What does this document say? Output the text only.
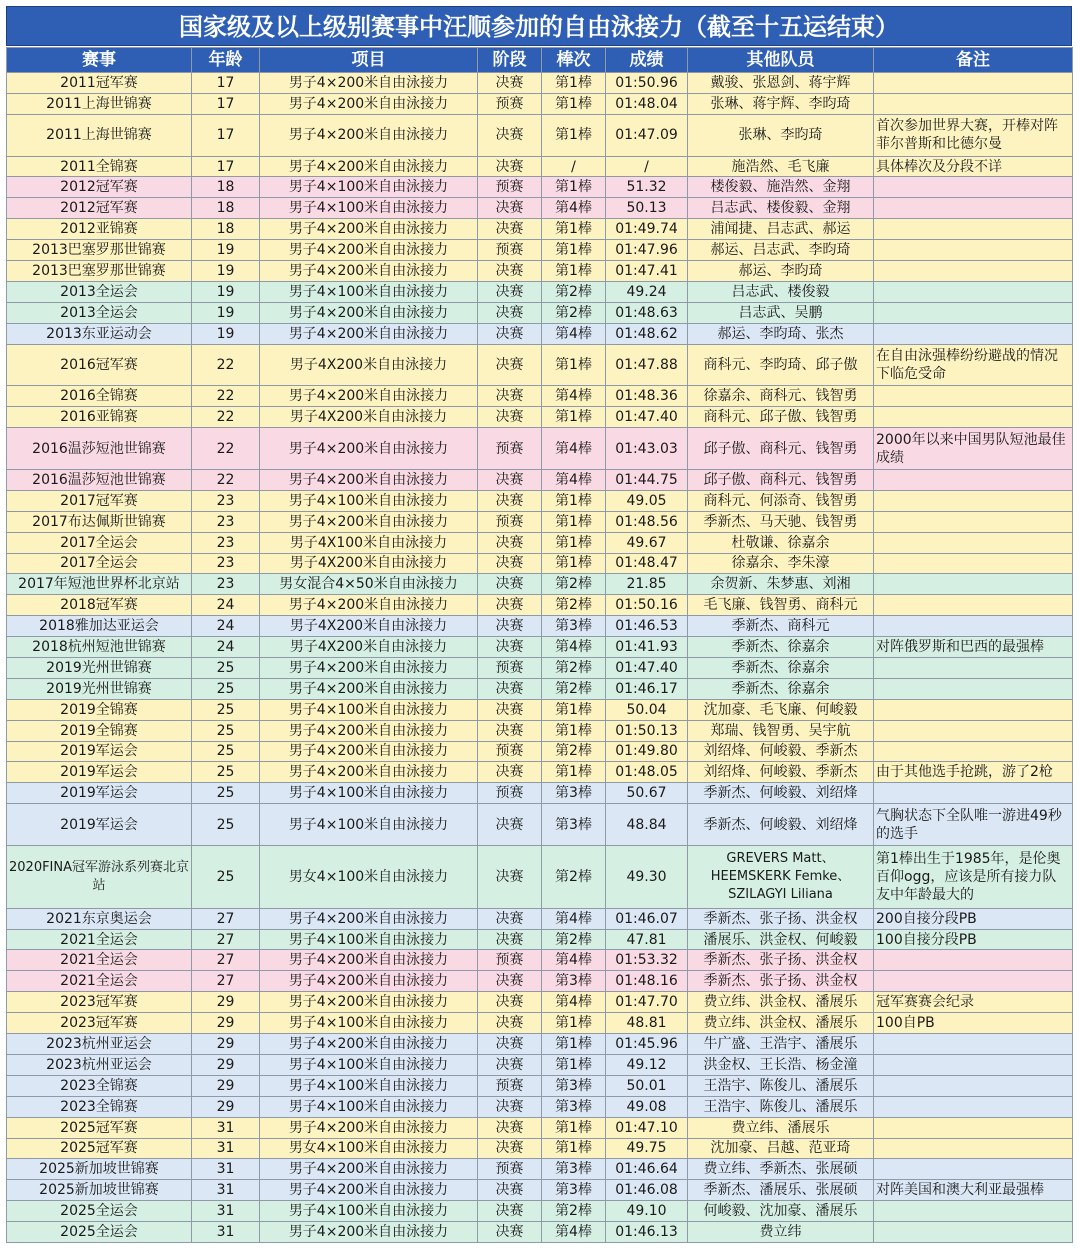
国家级及以上级别赛事中汪顺参加的自由泳接力（截至十五运结束）
赛事	年龄	项目	阶段	棒次	成绩	其他队员	备注
2011冠军赛	17	男子4×200米自由泳接力	决赛	第1棒	01:50.96	戴骏、张恩剑、蒋宇辉	
2011上海世锦赛	17	男子4×200米自由泳接力	预赛	第1棒	01:48.04	张琳、蒋宇辉、李昀琦	
2011上海世锦赛	17	男子4×200米自由泳接力	决赛	第1棒	01:47.09	张琳、李昀琦	首次参加世界大赛，开棒对阵菲尔普斯和比德尔曼
2011全锦赛	17	男子4×200米自由泳接力	决赛	/	/	施浩然、毛飞廉	具体棒次及分段不详
2012冠军赛	18	男子4×100米自由泳接力	预赛	第1棒	51.32	楼俊毅、施浩然、金翔	
2012冠军赛	18	男子4×100米自由泳接力	决赛	第4棒	50.13	吕志武、楼俊毅、金翔	
2012亚锦赛	18	男子4×200米自由泳接力	决赛	第1棒	01:49.74	浦闻捷、吕志武、郝运	
2013巴塞罗那世锦赛	19	男子4×200米自由泳接力	预赛	第1棒	01:47.96	郝运、吕志武、李昀琦	
2013巴塞罗那世锦赛	19	男子4×200米自由泳接力	决赛	第1棒	01:47.41	郝运、李昀琦	
2013全运会	19	男子4×100米自由泳接力	决赛	第2棒	49.24	吕志武、楼俊毅	
2013全运会	19	男子4×200米自由泳接力	决赛	第2棒	01:48.63	吕志武、吴鹏	
2013东亚运动会	19	男子4×200米自由泳接力	决赛	第4棒	01:48.62	郝运、李昀琦、张杰	
2016冠军赛	22	男子4X200米自由泳接力	决赛	第1棒	01:47.88	商科元、李昀琦、邱子傲	在自由泳强棒纷纷避战的情况下临危受命
2016全锦赛	22	男子4×200米自由泳接力	决赛	第4棒	01:48.36	徐嘉余、商科元、钱智勇	
2016亚锦赛	22	男子4X200米自由泳接力	决赛	第1棒	01:47.40	商科元、邱子傲、钱智勇	
2016温莎短池世锦赛	22	男子4×200米自由泳接力	预赛	第4棒	01:43.03	邱子傲、商科元、钱智勇	2000年以来中国男队短池最佳成绩
2016温莎短池世锦赛	22	男子4×200米自由泳接力	决赛	第4棒	01:44.75	邱子傲、商科元、钱智勇	
2017冠军赛	23	男子4×100米自由泳接力	决赛	第1棒	49.05	商科元、何添奇、钱智勇	
2017布达佩斯世锦赛	23	男子4×200米自由泳接力	预赛	第1棒	01:48.56	季新杰、马天驰、钱智勇	
2017全运会	23	男子4X100米自由泳接力	决赛	第1棒	49.67	杜敬谦、徐嘉余	
2017全运会	23	男子4X200米自由泳接力	决赛	第1棒	01:48.47	徐嘉余、李朱濠	
2017年短池世界杯北京站	23	男女混合4×50米自由泳接力	决赛	第2棒	21.85	余贺新、朱梦惠、刘湘	
2018冠军赛	24	男子4×200米自由泳接力	决赛	第2棒	01:50.16	毛飞廉、钱智勇、商科元	
2018雅加达亚运会	24	男子4X200米自由泳接力	决赛	第3棒	01:46.53	季新杰、商科元	
2018杭州短池世锦赛	24	男子4X200米自由泳接力	决赛	第4棒	01:41.93	季新杰、徐嘉余	对阵俄罗斯和巴西的最强棒
2019光州世锦赛	25	男子4×200米自由泳接力	预赛	第2棒	01:47.40	季新杰、徐嘉余	
2019光州世锦赛	25	男子4×200米自由泳接力	决赛	第2棒	01:46.17	季新杰、徐嘉余	
2019全锦赛	25	男子4×100米自由泳接力	决赛	第1棒	50.04	沈加豪、毛飞廉、何峻毅	
2019全锦赛	25	男子4×200米自由泳接力	决赛	第1棒	01:50.13	郑瑞、钱智勇、吴宇航	
2019军运会	25	男子4×200米自由泳接力	预赛	第2棒	01:49.80	刘绍烽、何峻毅、季新杰	
2019军运会	25	男子4×200米自由泳接力	决赛	第1棒	01:48.05	刘绍烽、何峻毅、季新杰	由于其他选手抢跳，游了2枪
2019军运会	25	男子4×100米自由泳接力	预赛	第3棒	50.67	季新杰、何峻毅、刘绍烽	
2019军运会	25	男子4×100米自由泳接力	决赛	第3棒	48.84	季新杰、何峻毅、刘绍烽	气胸状态下全队唯一游进49秒的选手
2020FINA冠军游泳系列赛北京站	25	男女4×100米自由泳接力	决赛	第2棒	49.30	GREVERS Matt、HEEMSKERK Femke、SZILAGYI Liliana	第1棒出生于1985年，是伦奥百仰ogg，应该是所有接力队友中年龄最大的
2021东京奥运会	27	男子4×200米自由泳接力	决赛	第4棒	01:46.07	季新杰、张子扬、洪金权	200自接分段PB
2021全运会	27	男子4×100米自由泳接力	决赛	第2棒	47.81	潘展乐、洪金权、何峻毅	100自接分段PB
2021全运会	27	男子4×200米自由泳接力	预赛	第4棒	01:53.32	季新杰、张子扬、洪金权	
2021全运会	27	男子4×200米自由泳接力	决赛	第3棒	01:48.16	季新杰、张子扬、洪金权	
2023冠军赛	29	男子4×200米自由泳接力	决赛	第4棒	01:47.70	费立纬、洪金权、潘展乐	冠军赛赛会纪录
2023冠军赛	29	男子4×100米自由泳接力	决赛	第1棒	48.81	费立纬、洪金权、潘展乐	100自PB
2023杭州亚运会	29	男子4×200米自由泳接力	决赛	第1棒	01:45.96	牛广盛、王浩宇、潘展乐	
2023杭州亚运会	29	男子4×100米自由泳接力	决赛	第1棒	49.12	洪金权、王长浩、杨金潼	
2023全锦赛	29	男子4×100米自由泳接力	预赛	第3棒	50.01	王浩宇、陈俊儿、潘展乐	
2023全锦赛	29	男子4×100米自由泳接力	决赛	第3棒	49.08	王浩宇、陈俊儿、潘展乐	
2025冠军赛	31	男子4×200米自由泳接力	决赛	第1棒	01:47.10	费立纬、潘展乐	
2025冠军赛	31	男女4×100米自由泳接力	决赛	第1棒	49.75	沈加豪、吕越、范亚琦	
2025新加坡世锦赛	31	男子4×200米自由泳接力	预赛	第3棒	01:46.64	费立纬、季新杰、张展硕	
2025新加坡世锦赛	31	男子4×200米自由泳接力	决赛	第3棒	01:46.08	季新杰、潘展乐、张展硕	对阵美国和澳大利亚最强棒
2025全运会	31	男子4×100米自由泳接力	决赛	第2棒	49.10	何峻毅、沈加豪、潘展乐	
2025全运会	31	男子4×200米自由泳接力	决赛	第4棒	01:46.13	费立纬	
